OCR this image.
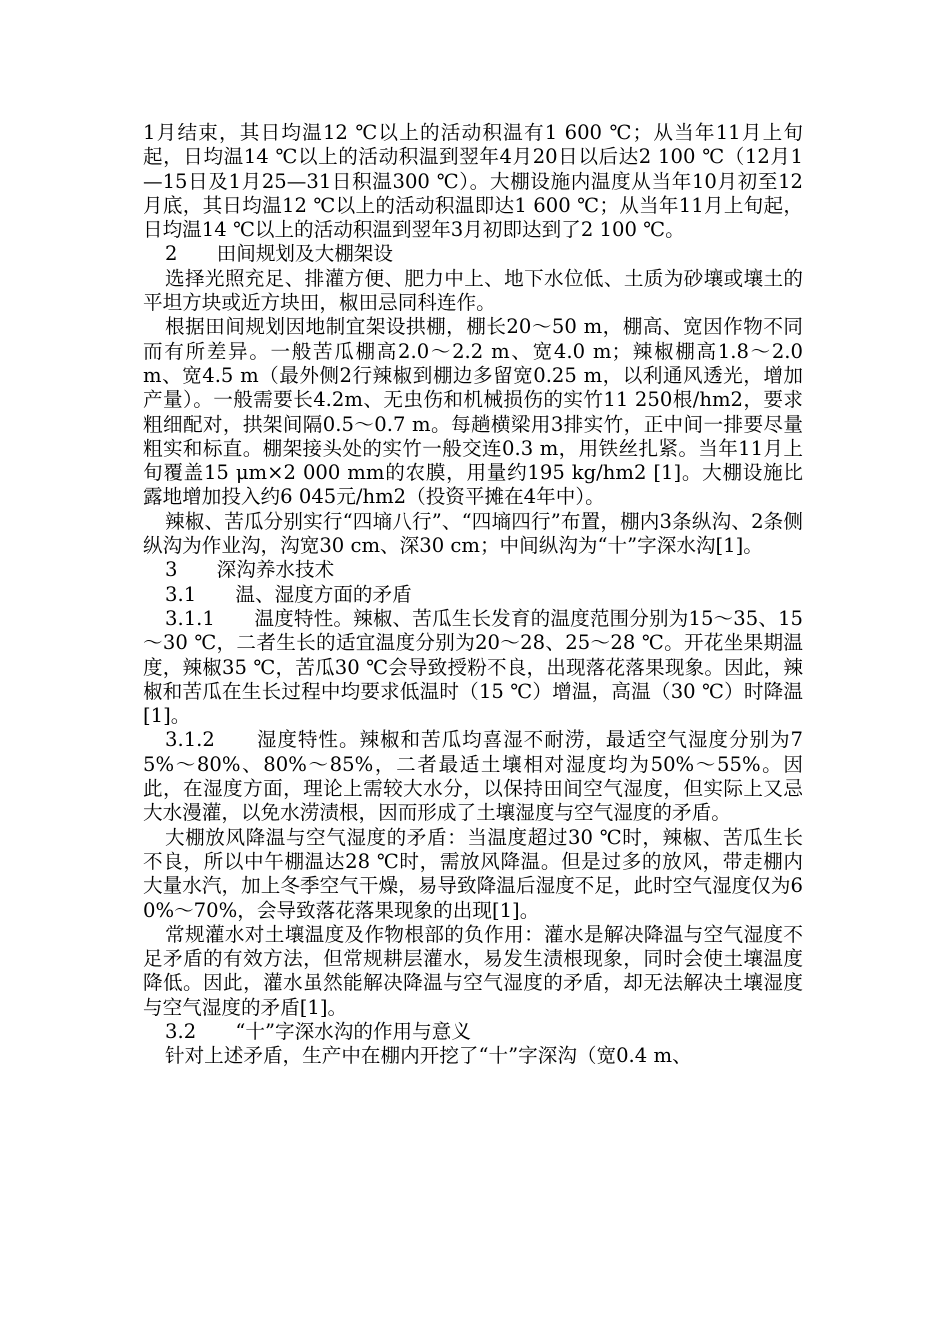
1月结束，其日均温12 ℃以上的活动积温有1 600 ℃；从当年11月上旬起，日均温14 ℃以上的活动积温到翌年4月20日以后达2 100 ℃（12月1—15日及1月25—31日积温300 ℃）。大棚设施内温度从当年10月初至12月底，其日均温12 ℃以上的活动积温即达1 600 ℃；从当年11月上旬起，日均温14 ℃以上的活动积温到翌年3月初即达到了2 100 ℃。

2　　田间规划及大棚架设

选择光照充足、排灌方便、肥力中上、地下水位低、土质为砂壤或壤土的平坦方块或近方块田，椒田忌同科连作。

根据田间规划因地制宜架设拱棚，棚长20～50 m，棚高、宽因作物不同而有所差异。一般苦瓜棚高2.0～2.2 m、宽4.0 m；辣椒棚高1.8～2.0 m、宽4.5 m（最外侧2行辣椒到棚边多留宽0.25 m，以利通风透光，增加产量）。一般需要长4.2m、无虫伤和机械损伤的实竹11 250根/hm2，要求粗细配对，拱架间隔0.5～0.7 m。每趟横梁用3排实竹，正中间一排要尽量粗实和标直。棚架接头处的实竹一般交连0.3 m，用铁丝扎紧。当年11月上旬覆盖15 μm×2 000 mm的农膜，用量约195 kg/hm2 [1]。大棚设施比露地增加投入约6 045元/hm2（投资平摊在4年中）。

辣椒、苦瓜分别实行“四墒八行”、“四墒四行”布置，棚内3条纵沟、2条侧纵沟为作业沟，沟宽30 cm、深30 cm；中间纵沟为“十”字深水沟[1]。

3　　深沟养水技术

3.1　　温、湿度方面的矛盾

3.1.1　　温度特性。辣椒、苦瓜生长发育的温度范围分别为15～35、15～30 ℃，二者生长的适宜温度分别为20～28、25～28 ℃。开花坐果期温度，辣椒35 ℃，苦瓜30 ℃会导致授粉不良，出现落花落果现象。因此，辣椒和苦瓜在生长过程中均要求低温时（15 ℃）增温，高温（30 ℃）时降温[1]。

3.1.2　　湿度特性。辣椒和苦瓜均喜湿不耐涝，最适空气湿度分别为75%～80%、80%～85%，二者最适土壤相对湿度均为50%～55%。因此，在湿度方面，理论上需较大水分，以保持田间空气湿度，但实际上又忌大水漫灌，以免水涝渍根，因而形成了土壤湿度与空气湿度的矛盾。

大棚放风降温与空气湿度的矛盾：当温度超过30 ℃时，辣椒、苦瓜生长不良，所以中午棚温达28 ℃时，需放风降温。但是过多的放风，带走棚内大量水汽，加上冬季空气干燥，易导致降温后湿度不足，此时空气湿度仅为60%～70%，会导致落花落果现象的出现[1]。

常规灌水对土壤温度及作物根部的负作用：灌水是解决降温与空气湿度不足矛盾的有效方法，但常规耕层灌水，易发生渍根现象，同时会使土壤温度降低。因此，灌水虽然能解决降温与空气湿度的矛盾，却无法解决土壤湿度与空气湿度的矛盾[1]。

3.2　　“十”字深水沟的作用与意义

针对上述矛盾，生产中在棚内开挖了“十”字深沟（宽0.4 m、
